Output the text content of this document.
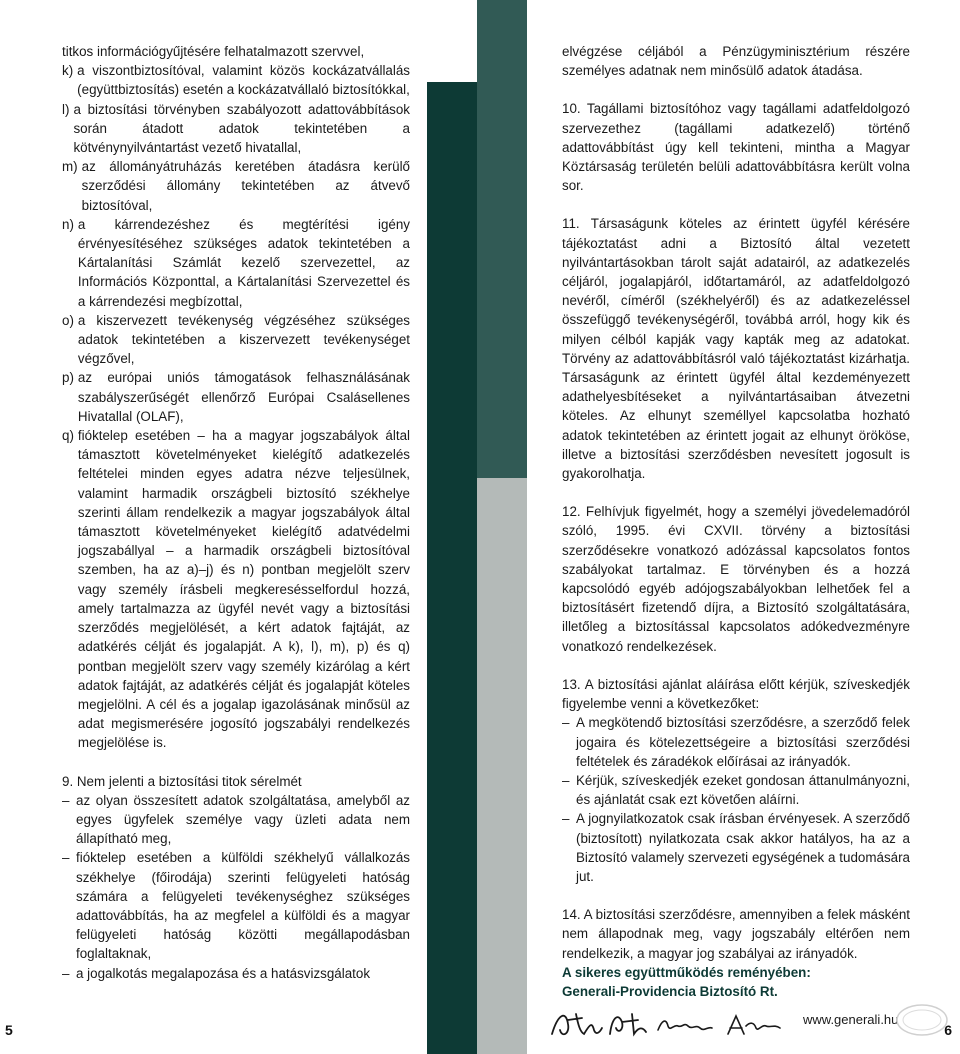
titkos információgyűjtésére felhatalmazott szervvel,

k) a viszontbiztosítóval, valamint közös kockázatvállalás (együttbiztosítás) esetén a kockázatvállaló biztosítókkal,
l) a biztosítási törvényben szabályozott adattovábbítások során átadott adatok tekintetében a kötvénynyilvántartást vezető hivatallal,
m) az állományátruházás keretében átadásra kerülő szerződési állomány tekintetében az átvevő biztosítóval,
n) a kárrendezéshez és megtérítési igény érvényesítéséhez szükséges adatok tekintetében a Kártalanítási Számlát kezelő szervezettel, az Információs Központtal, a Kártalanítási Szervezettel és a kárrendezési megbízottal,
o) a kiszervezett tevékenység végzéséhez szükséges adatok tekintetében a kiszervezett tevékenységet végzővel,
p) az európai uniós támogatások felhasználásának szabályszerűségét ellenőrző Európai Csalásellenes Hivatallal (OLAF),
q) fióktelep esetében – ha a magyar jogszabályok által támasztott követelményeket kielégítő adatkezelés feltételei minden egyes adatra nézve teljesülnek, valamint harmadik országbeli biztosító székhelye szerinti állam rendelkezik a magyar jogszabályok által támasztott követelményeket kielégítő adatvédelmi jogszabállyal – a harmadik országbeli biztosítóval szemben, ha az a)–j) és n) pontban megjelölt szerv vagy személy írásbeli megkeresésselfordul hozzá, amely tartalmazza az ügyfél nevét vagy a biztosítási szerződés megjelölését, a kért adatok fajtáját, az adatkérés célját és jogalapját. A k), l), m), p) és q) pontban megjelölt szerv vagy személy kizárólag a kért adatok fajtáját, az adatkérés célját és jogalapját köteles megjelölni. A cél és a jogalap igazolásának minősül az adat megismerésére jogosító jogszabályi rendelkezés megjelölése is.

9. Nem jelenti a biztosítási titok sérelmét

– az olyan összesített adatok szolgáltatása, amelyből az egyes ügyfelek személye vagy üzleti adata nem állapítható meg,
– fióktelep esetében a külföldi székhelyű vállalkozás székhelye (főirodája) szerinti felügyeleti hatóság számára a felügyeleti tevékenységhez szükséges adattovábbítás, ha az megfelel a külföldi és a magyar felügyeleti hatóság közötti megállapodásban foglaltaknak,
– a jogalkotás megalapozása és a hatásvizsgálatok

elvégzése céljából a Pénzügyminisztérium részére személyes adatnak nem minősülő adatok átadása.

10. Tagállami biztosítóhoz vagy tagállami adatfeldolgozó szervezethez (tagállami adatkezelő) történő adattovábbítást úgy kell tekinteni, mintha a Magyar Köztársaság területén belüli adattovábbításra került volna sor.

11. Társaságunk köteles az érintett ügyfél kérésére tájékoztatást adni a Biztosító által vezetett nyilvántartásokban tárolt saját adatairól, az adatkezelés céljáról, jogalapjáról, időtartamáról, az adatfeldolgozó nevéről, címéről (székhelyéről) és az adatkezeléssel összefüggő tevékenységéről, továbbá arról, hogy kik és milyen célból kapják vagy kapták meg az adatokat. Törvény az adattovábbításról való tájékoztatást kizárhatja. Társaságunk az érintett ügyfél által kezdeményezett adathelyesbítéseket a nyilvántartásaiban átvezetni köteles. Az elhunyt személlyel kapcsolatba hozható adatok tekintetében az érintett jogait az elhunyt örököse, illetve a biztosítási szerződésben nevesített jogosult is gyakorolhatja.

12. Felhívjuk figyelmét, hogy a személyi jövedelemadóról szóló, 1995. évi CXVII. törvény a biztosítási szerződésekre vonatkozó adózással kapcsolatos fontos szabályokat tartalmaz. E törvényben és a hozzá kapcsolódó egyéb adójogszabályokban lelhetőek fel a biztosításért fizetendő díjra, a Biztosító szolgáltatására, illetőleg a biztosítással kapcsolatos adókedvezményre vonatkozó rendelkezések.

13. A biztosítási ajánlat aláírása előtt kérjük, szíveskedjék figyelembe venni a következőket:

– A megkötendő biztosítási szerződésre, a szerződő felek jogaira és kötelezettségeire a biztosítási szerződési feltételek és záradékok előírásai az irányadók.
– Kérjük, szíveskedjék ezeket gondosan áttanulmányozni, és ajánlatát csak ezt követően aláírni.
– A jognyilatkozatok csak írásban érvényesek. A szerződő (biztosított) nyilatkozata csak akkor hatályos, ha az a Biztosító valamely szervezeti egységének a tudomására jut.

14. A biztosítási szerződésre, amennyiben a felek másként nem állapodnak meg, vagy jogszabály eltérően nem rendelkezik, a magyar jog szabályai az irányadók.

A sikeres együttműködés reményében:

Generali-Providencia Biztosító Rt.

www.generali.hu
5	6
